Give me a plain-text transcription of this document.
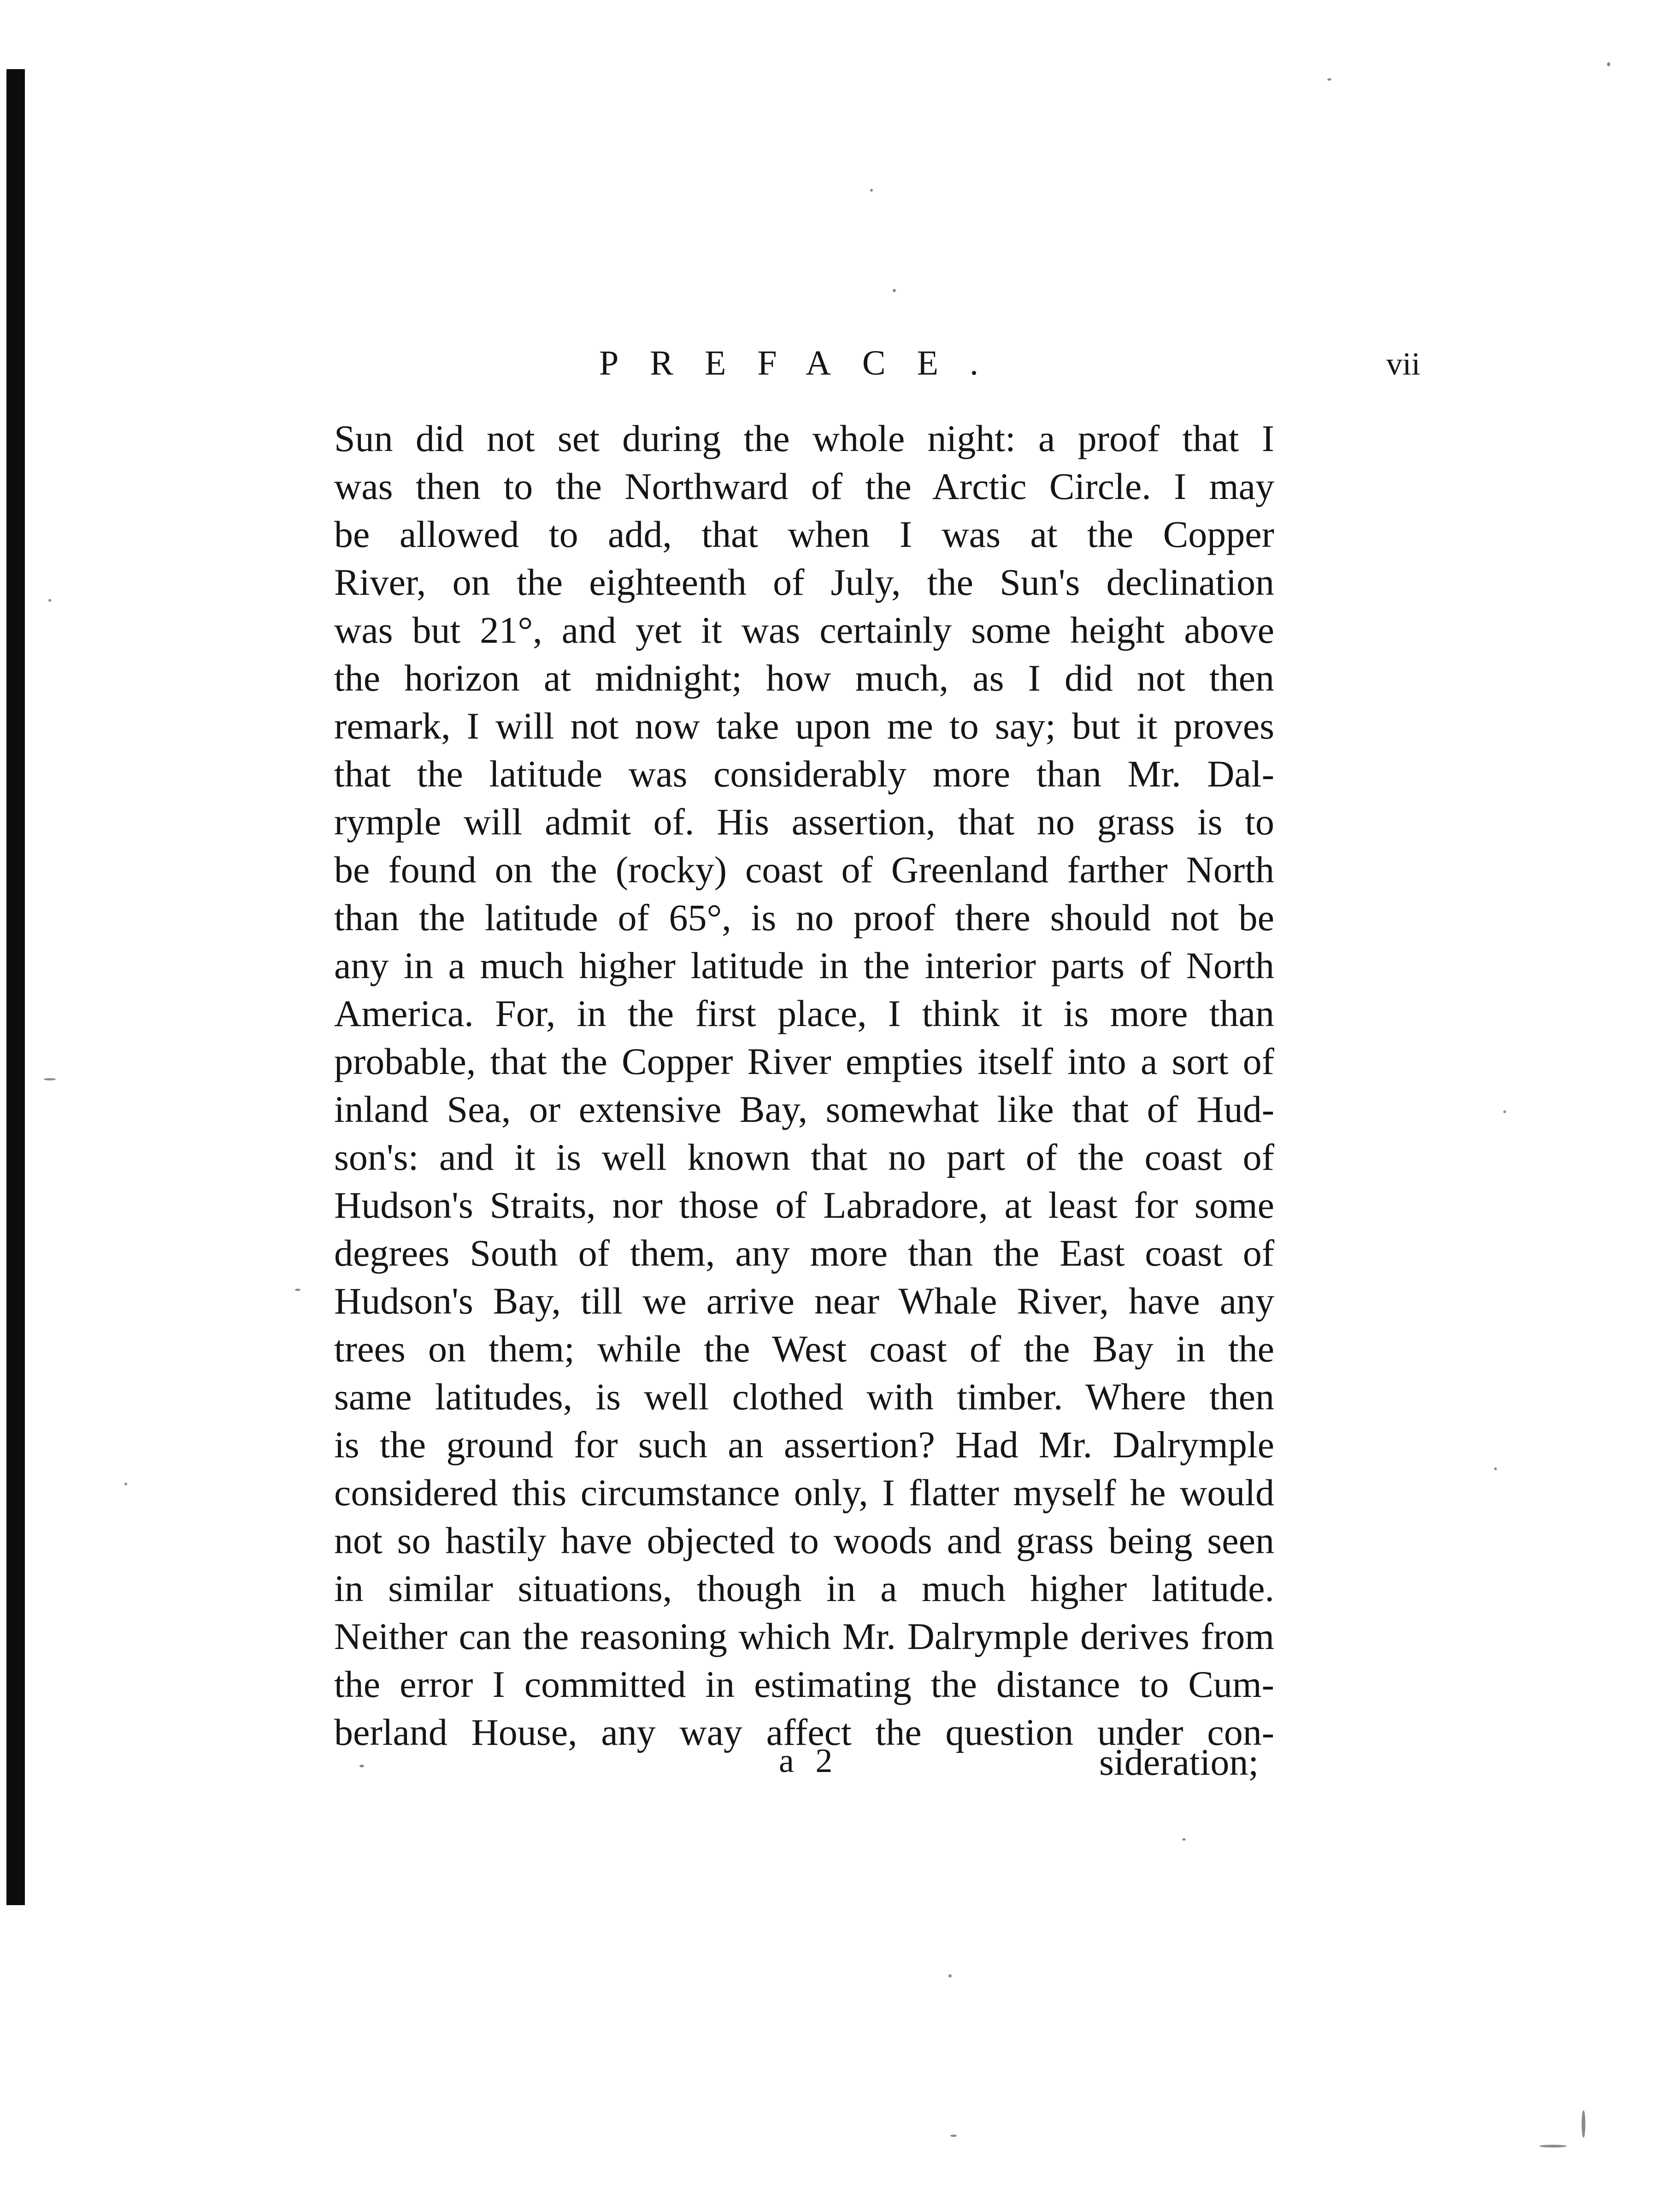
PREFACE.	vii
Sun did not set during the whole night: a proof that I
was then to the Northward of the Arctic Circle. I may
be allowed to add, that when I was at the Copper
River, on the eighteenth of July, the Sun's declination
was but 21°, and yet it was certainly some height above
the horizon at midnight; how much, as I did not then
remark, I will not now take upon me to say; but it proves
that the latitude was considerably more than Mr. Dal-
rymple will admit of. His assertion, that no grass is to
be found on the (rocky) coast of Greenland farther North
than the latitude of 65°, is no proof there should not be
any in a much higher latitude in the interior parts of North
America. For, in the first place, I think it is more than
probable, that the Copper River empties itself into a sort of
inland Sea, or extensive Bay, somewhat like that of Hud-
son's: and it is well known that no part of the coast of
Hudson's Straits, nor those of Labradore, at least for some
degrees South of them, any more than the East coast of
Hudson's Bay, till we arrive near Whale River, have any
trees on them; while the West coast of the Bay in the
same latitudes, is well clothed with timber. Where then
is the ground for such an assertion? Had Mr. Dalrymple
considered this circumstance only, I flatter myself he would
not so hastily have objected to woods and grass being seen
in similar situations, though in a much higher latitude.
Neither can the reasoning which Mr. Dalrymple derives from
the error I committed in estimating the distance to Cum-
berland House, any way affect the question under con-
a 2	sideration;
